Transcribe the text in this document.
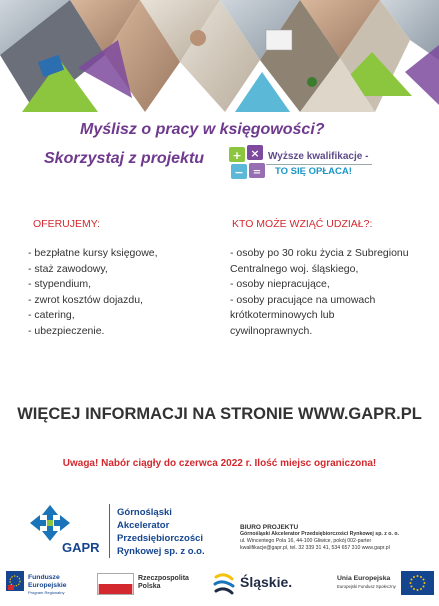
Myślisz o pracy w księgowości?
Skorzystaj z projektu	+ ×
− =
Wyższe kwalifikacje -
TO SIĘ OPŁACA!
OFERUJEMY:
- bezpłatne kursy księgowe,
- staż zawodowy,
- stypendium,
- zwrot kosztów dojazdu,
- catering,
- ubezpieczenie.
KTO MOŻE WZIĄĆ UDZIAŁ?:
- osoby po 30 roku życia z Subregionu
Centralnego woj. śląskiego,
- osoby niepracujące,
- osoby pracujące na umowach
krótkoterminowych lub
cywilnoprawnych.
WIĘCEJ INFORMACJI NA STRONIE WWW.GAPR.PL
Uwaga! Nabór ciągły do czerwca 2022 r. Ilość miejsc ograniczona!
GAPR
Górnośląski
Akcelerator
Przedsiębiorczości
Rynkowej sp. z o.o.
BIURO PROJEKTU
Górnośląski Akcelerator Przedsiębiorczości Rynkowej sp. z o. o.
ul. Wincentego Pola 16, 44-100 Gliwice, pokój 002-parter
kwalifikacje@gapr.pl, tel. 32 339 31 41, 534 657 310 www.gapr.pl
Fundusze
Europejskie
Program Regionalny
Rzeczpospolita
Polska	Śląskie.	Unia Europejska
Europejski Fundusz Społeczny
